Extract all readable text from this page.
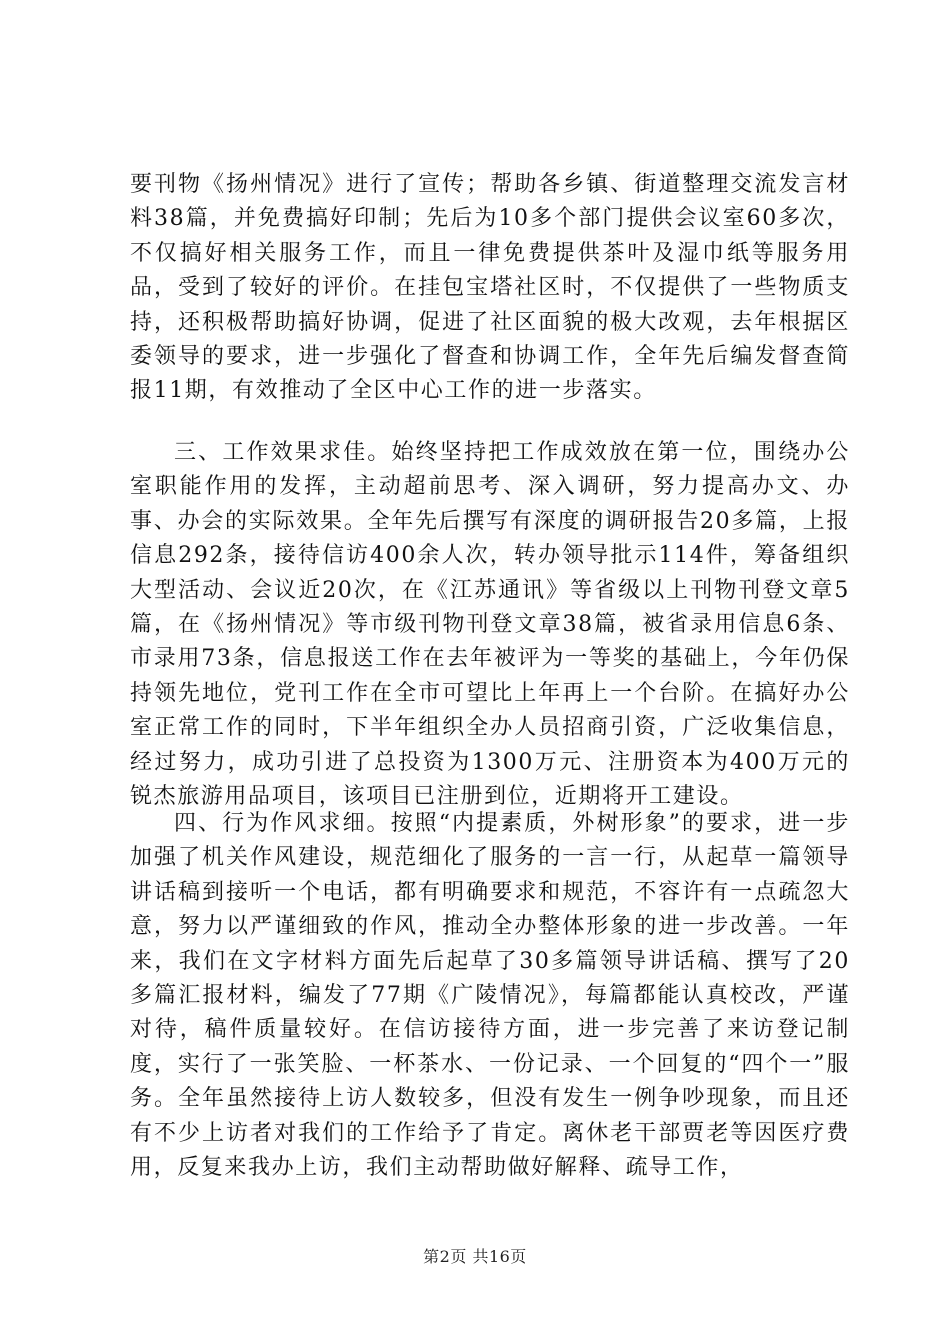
要刊物《扬州情况》进行了宣传；帮助各乡镇、街道整理交流发言材料38篇，并免费搞好印制；先后为10多个部门提供会议室60多次，不仅搞好相关服务工作，而且一律免费提供茶叶及湿巾纸等服务用品，受到了较好的评价。在挂包宝塔社区时，不仅提供了一些物质支持，还积极帮助搞好协调，促进了社区面貌的极大改观，去年根据区委领导的要求，进一步强化了督查和协调工作，全年先后编发督查简报11期，有效推动了全区中心工作的进一步落实。

三、工作效果求佳。始终坚持把工作成效放在第一位，围绕办公室职能作用的发挥，主动超前思考、深入调研，努力提高办文、办事、办会的实际效果。全年先后撰写有深度的调研报告20多篇，上报信息292条，接待信访400余人次，转办领导批示114件，筹备组织大型活动、会议近20次，在《江苏通讯》等省级以上刊物刊登文章5篇，在《扬州情况》等市级刊物刊登文章38篇，被省录用信息6条、市录用73条，信息报送工作在去年被评为一等奖的基础上，今年仍保持领先地位，党刊工作在全市可望比上年再上一个台阶。在搞好办公室正常工作的同时，下半年组织全办人员招商引资，广泛收集信息，经过努力，成功引进了总投资为1300万元、注册资本为400万元的锐杰旅游用品项目，该项目已注册到位，近期将开工建设。

四、行为作风求细。按照“内提素质，外树形象”的要求，进一步加强了机关作风建设，规范细化了服务的一言一行，从起草一篇领导讲话稿到接听一个电话，都有明确要求和规范，不容许有一点疏忽大意，努力以严谨细致的作风，推动全办整体形象的进一步改善。一年来，我们在文字材料方面先后起草了30多篇领导讲话稿、撰写了20多篇汇报材料，编发了77期《广陵情况》，每篇都能认真校改，严谨对待，稿件质量较好。在信访接待方面，进一步完善了来访登记制度，实行了一张笑脸、一杯茶水、一份记录、一个回复的“四个一”服务。全年虽然接待上访人数较多，但没有发生一例争吵现象，而且还有不少上访者对我们的工作给予了肯定。离休老干部贾老等因医疗费用，反复来我办上访，我们主动帮助做好解释、疏导工作，

第2页 共16页
